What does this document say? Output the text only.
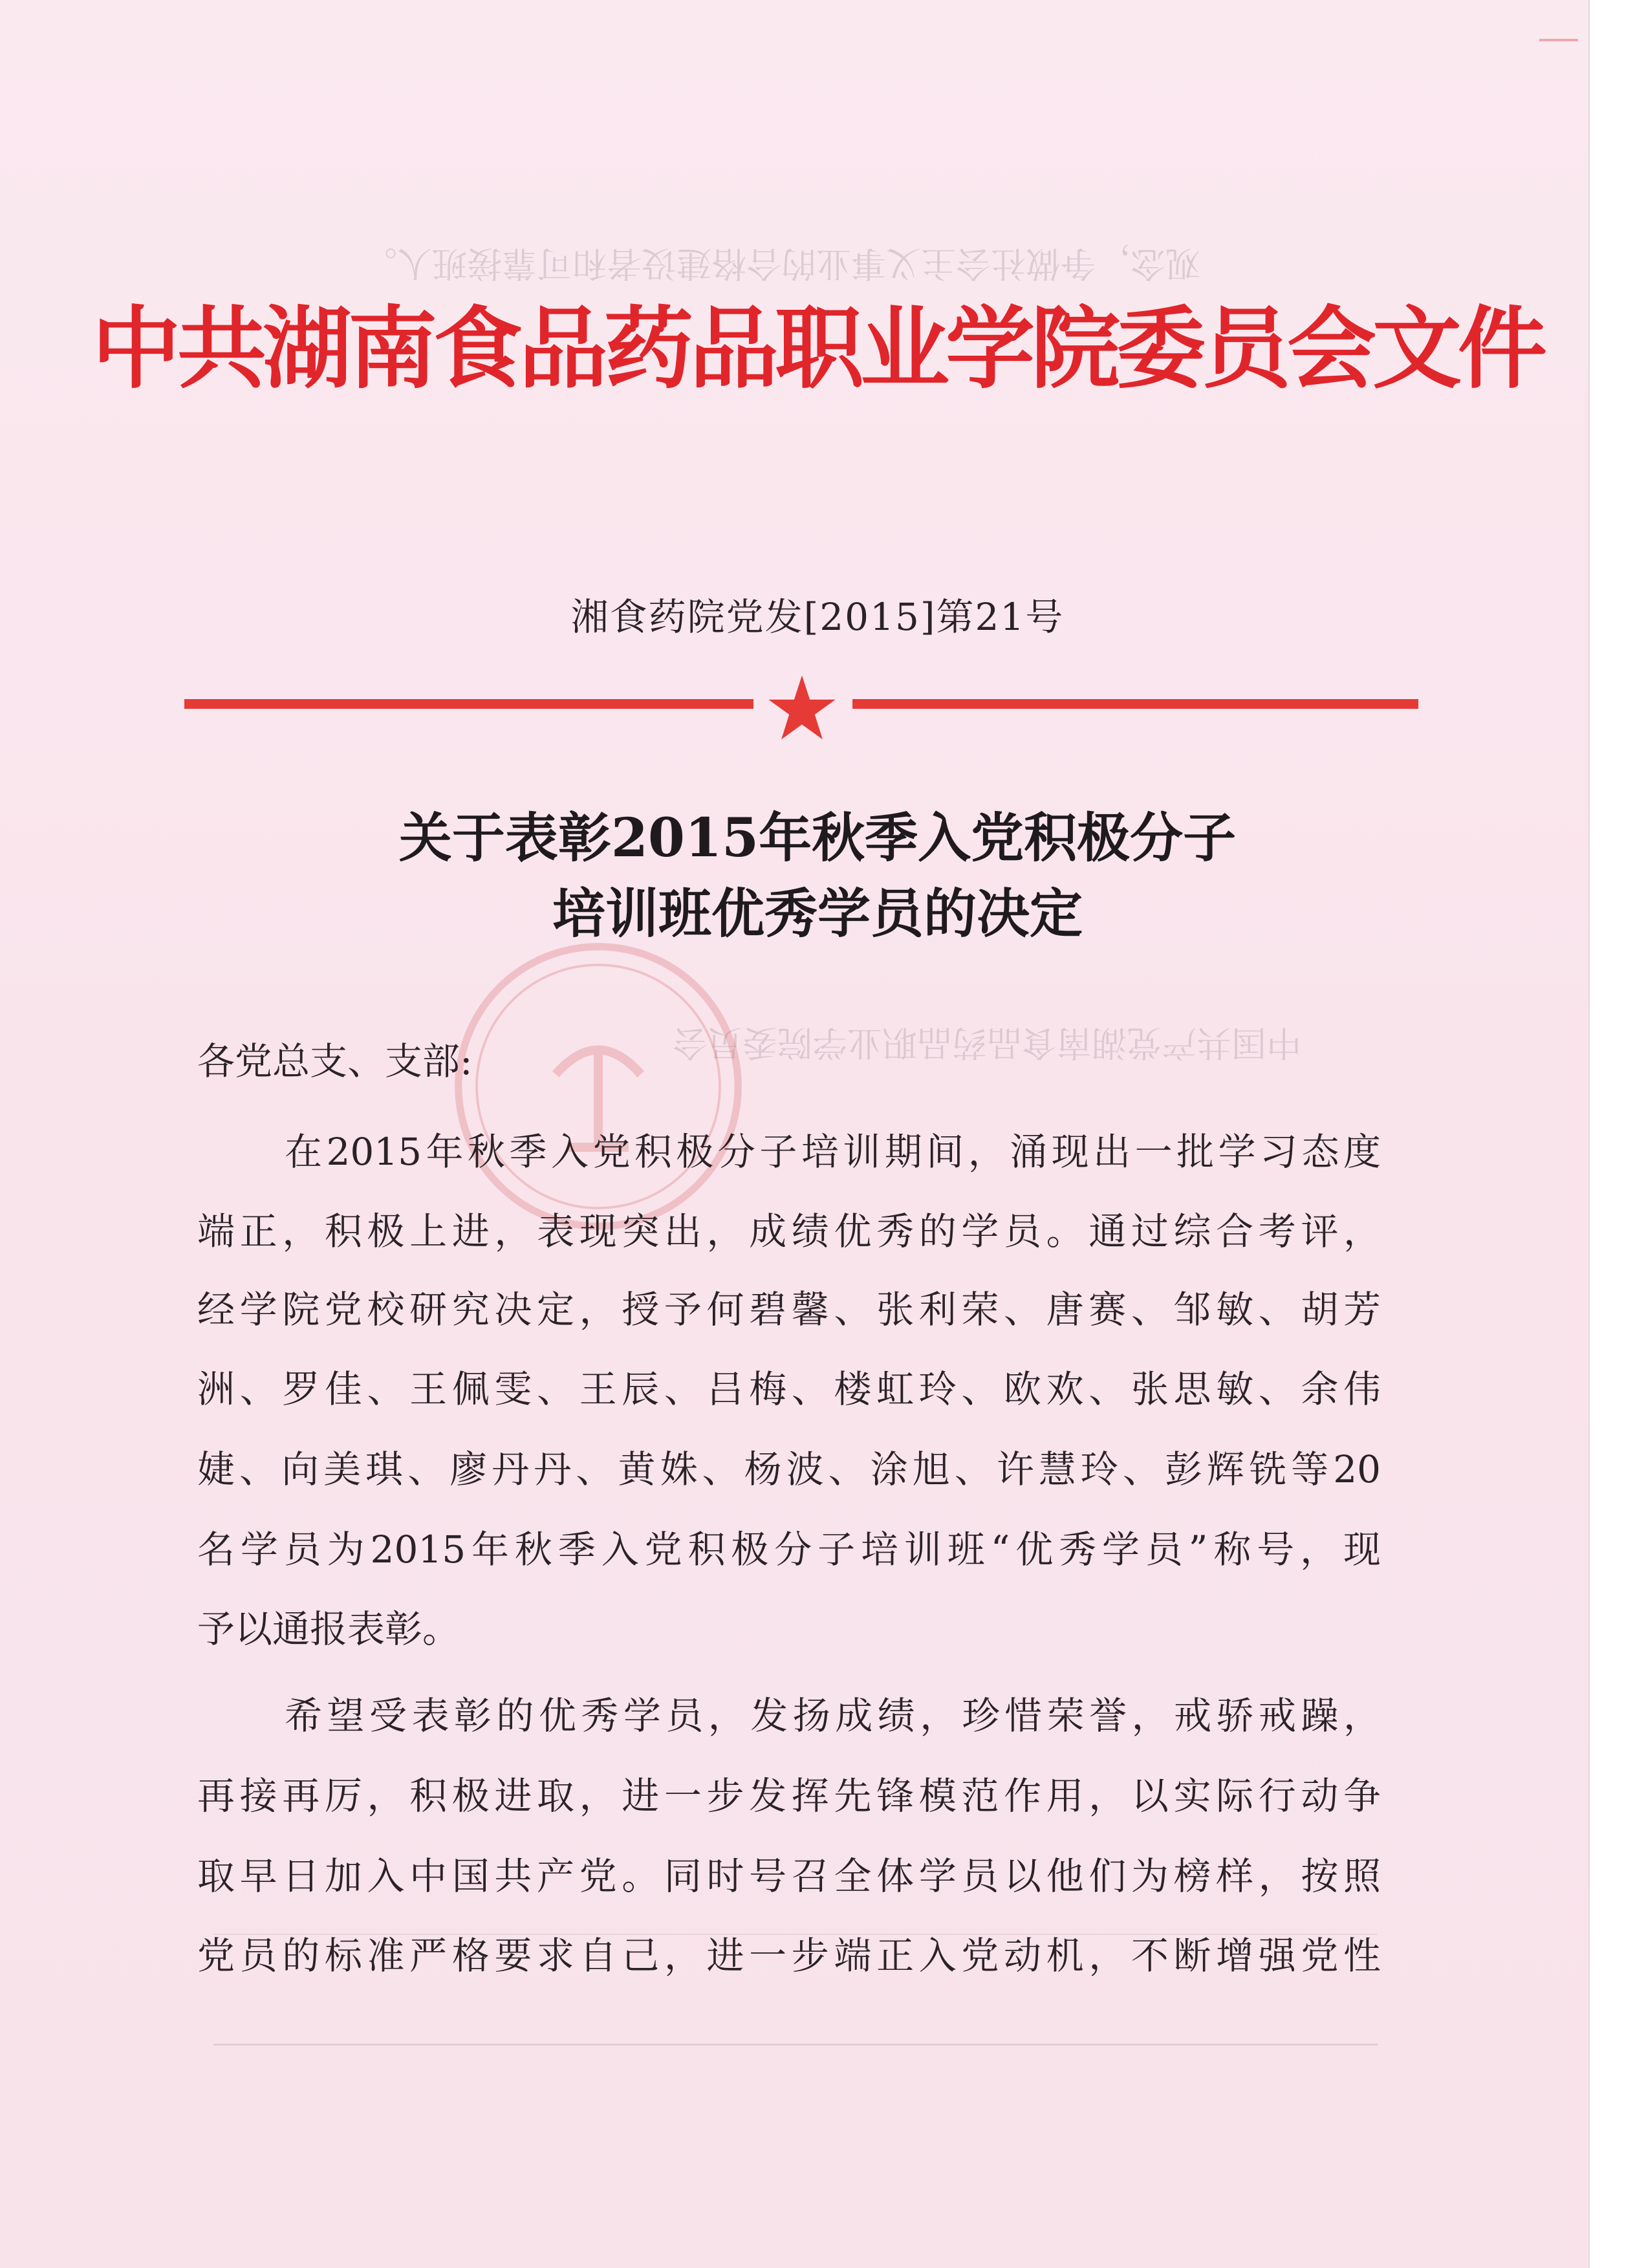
观念，争做社会主义事业的合格建设者和可靠接班人。
中国共产党湖南食品药品职业学院委员会
中共湖南食品药品职业学院委员会文件
湘食药院党发[2015]第21号
关于表彰2015年秋季入党积极分子
培训班优秀学员的决定
各党总支、支部:
在2015年秋季入党积极分子培训期间，涌现出一批学习态度
端正，积极上进，表现突出，成绩优秀的学员。通过综合考评，
经学院党校研究决定，授予何碧馨、张利荣、唐赛、邹敏、胡芳
洲、罗佳、王佩雯、王辰、吕梅、楼虹玲、欧欢、张思敏、余伟
婕、向美琪、廖丹丹、黄姝、杨波、涂旭、许慧玲、彭辉铣等20
名学员为2015年秋季入党积极分子培训班“优秀学员”称号，现
予以通报表彰。
希望受表彰的优秀学员，发扬成绩，珍惜荣誉，戒骄戒躁，
再接再厉，积极进取，进一步发挥先锋模范作用，以实际行动争
取早日加入中国共产党。同时号召全体学员以他们为榜样，按照
党员的标准严格要求自己，进一步端正入党动机，不断增强党性
